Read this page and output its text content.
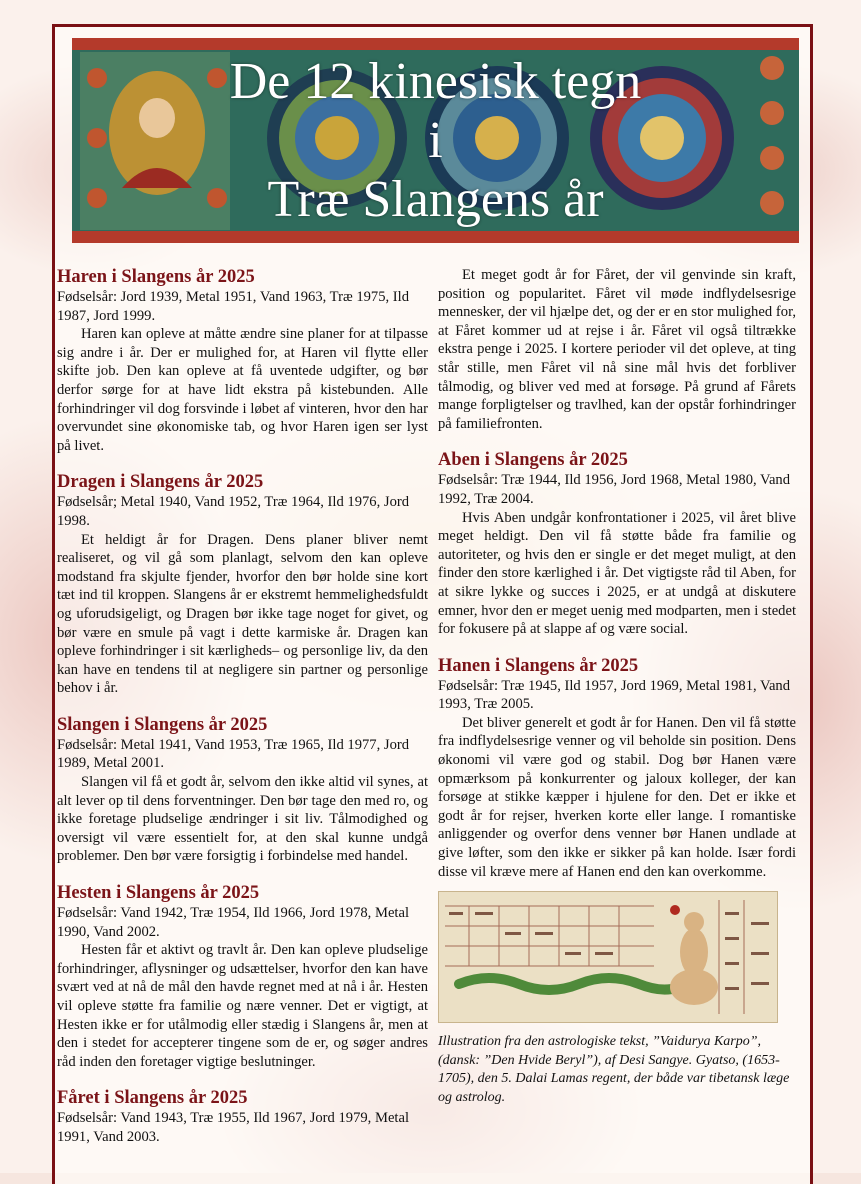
De 12 kinesisk tegn
i
Træ Slangens år
Haren i Slangens år 2025

Fødselsår: Jord 1939, Metal 1951, Vand 1963, Træ 1975, Ild 1987, Jord 1999.

Haren kan opleve at måtte ændre sine planer for at tilpasse sig andre i år. Der er mulighed for, at Haren vil flytte eller skifte job. Den kan opleve at få uventede udgifter, og bør derfor sørge for at have lidt ekstra på kistebunden. Alle forhindringer vil dog forsvinde i løbet af vinteren, hvor den har overvundet sine økonomiske tab, og hvor Haren igen ser lyst på livet.

Dragen i Slangens år 2025

Fødselsår; Metal 1940, Vand 1952, Træ 1964, Ild 1976, Jord 1998.

Et heldigt år for Dragen. Dens planer bliver nemt realiseret, og vil gå som planlagt, selvom den kan opleve modstand fra skjulte fjender, hvorfor den bør holde sine kort tæt ind til kroppen. Slangens år er ekstremt hemmelighedsfuldt og uforudsigeligt, og Dragen bør ikke tage noget for givet, og bør være en smule på vagt i dette karmiske år. Dragen kan opleve forhindringer i sit kærligheds– og personlige liv, da den kan have en tendens til at negligere sin partner og personlige behov i år.

Slangen i Slangens år 2025

Fødselsår: Metal 1941, Vand 1953, Træ 1965, Ild 1977, Jord 1989, Metal 2001.

Slangen vil få et godt år, selvom den ikke altid vil synes, at alt lever op til dens forventninger. Den bør tage den med ro, og ikke foretage pludselige ændringer i sit liv. Tålmodighed og oversigt vil være essentielt for, at den skal kunne undgå problemer. Den bør være forsigtig i forbindelse med handel.

Hesten i Slangens år 2025

Fødselsår: Vand 1942, Træ 1954, Ild 1966, Jord 1978, Metal 1990, Vand 2002.

Hesten får et aktivt og travlt år. Den kan opleve pludselige forhindringer, aflysninger og udsættelser, hvorfor den kan have svært ved at nå de mål den havde regnet med at nå i år. Hesten vil opleve støtte fra familie og nære venner. Det er vigtigt, at Hesten ikke er for utålmodig eller stædig i Slangens år, men at den i stedet for accepterer tingene som de er, og søger andres råd inden den foretager vigtige beslutninger.

Fåret i Slangens år 2025

Fødselsår: Vand 1943, Træ 1955, Ild 1967, Jord 1979, Metal 1991, Vand 2003.

Et meget godt år for Fåret, der vil genvinde sin kraft, position og popularitet. Fåret vil møde indflydelsesrige mennesker, der vil hjælpe det, og der er en stor mulighed for, at Fåret kommer ud at rejse i år. Fåret vil også tiltrække ekstra penge i 2025. I kortere perioder vil det opleve, at ting står stille, men Fåret vil nå sine mål hvis det forbliver tålmodig, og bliver ved med at forsøge. På grund af Fårets mange forpligtelser og travlhed, kan der opstår forhindringer på familiefronten.

Aben i Slangens år 2025

Fødselsår: Træ 1944, Ild 1956, Jord 1968, Metal 1980, Vand 1992, Træ 2004.

Hvis Aben undgår konfrontationer i 2025, vil året blive meget heldigt. Den vil få støtte både fra familie og autoriteter, og hvis den er single er det meget muligt, at den finder den store kærlighed i år. Det vigtigste råd til Aben, for at sikre lykke og succes i 2025, er at undgå at diskutere emner, hvor den er meget uenig med modparten, men i stedet for fokusere på at slappe af og være social.

Hanen i Slangens år 2025

Fødselsår: Træ 1945, Ild 1957, Jord 1969, Metal 1981, Vand 1993, Træ 2005.

Det bliver generelt et godt år for Hanen. Den vil få støtte fra indflydelsesrige venner og vil beholde sin position. Dens økonomi vil være god og stabil. Dog bør Hanen være opmærksom på konkurrenter og jaloux kolleger, der kan forsøge at stikke kæpper i hjulene for den. Det er ikke et godt år for rejser, hverken korte eller lange. I romantiske anliggender og overfor dens venner bør Hanen undlade at give løfter, som den ikke er sikker på kan holde. Især fordi disse vil kræve mere af Hanen end den kan overkomme.

Illustration fra den astrologiske tekst, ”Vaidurya Karpo”, (dansk: ”Den Hvide Beryl”), af Desi Sangye. Gyatso, (1653-1705), den 5. Dalai Lamas regent, der både var tibetansk læge og astrolog.
